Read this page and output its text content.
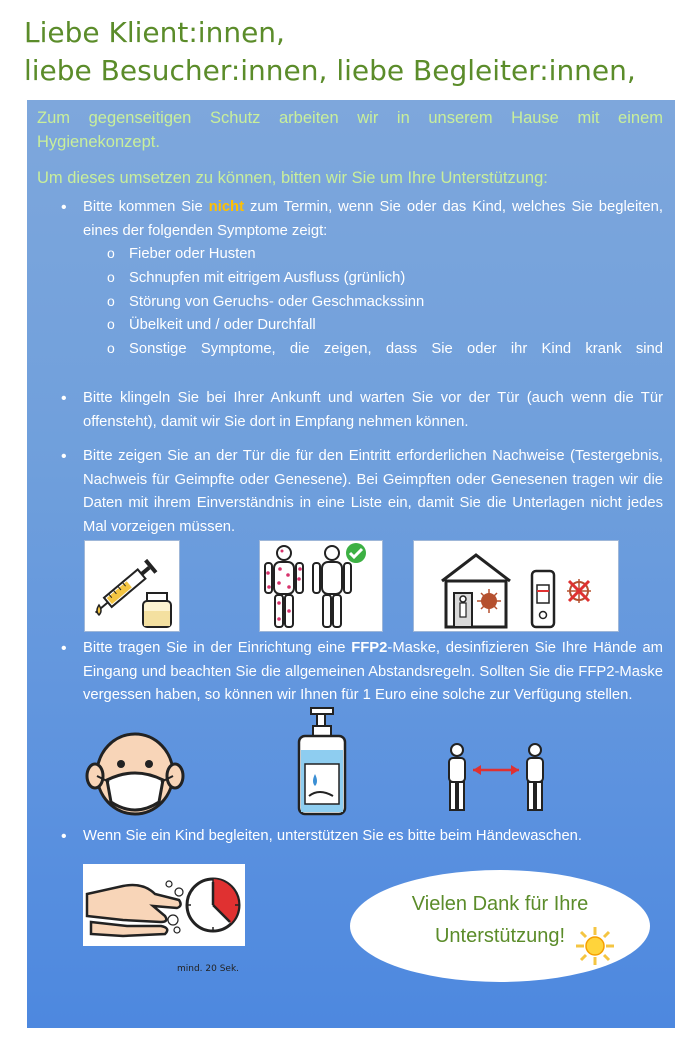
Liebe Klient:innen,
liebe Besucher:innen, liebe Begleiter:innen,
Zum gegenseitigen Schutz arbeiten wir in unserem Hause mit einem Hygienekonzept.
Um dieses umsetzen zu können, bitten wir Sie um Ihre Unterstützung:
• Bitte kommen Sie nicht zum Termin, wenn Sie oder das Kind, welches Sie begleiten, eines der folgenden Symptome zeigt:
o Fieber oder Husten
o Schnupfen mit eitrigem Ausfluss (grünlich)
o Störung von Geruchs- oder Geschmackssinn
o Übelkeit und / oder Durchfall
o Sonstige Symptome, die zeigen, dass Sie oder ihr Kind krank sind
• Bitte klingeln Sie bei Ihrer Ankunft und warten Sie vor der Tür (auch wenn die Tür offensteht), damit wir Sie dort in Empfang nehmen können.
• Bitte zeigen Sie an der Tür die für den Eintritt erforderlichen Nachweise (Testergebnis, Nachweis für Geimpfte oder Genesene). Bei Geimpften oder Genesenen tragen wir die Daten mit ihrem Einverständnis in eine Liste ein, damit Sie die Unterlagen nicht jedes Mal vorzeigen müssen.
• Bitte tragen Sie in der Einrichtung eine FFP2-Maske, desinfizieren Sie Ihre Hände am Eingang und beachten Sie die allgemeinen Abstandsregeln. Sollten Sie die FFP2-Maske vergessen haben, so können wir Ihnen für 1 Euro eine solche zur Verfügung stellen.
• Wenn Sie ein Kind begleiten, unterstützen Sie es bitte beim Händewaschen.
mind. 20 Sek.
Vielen Dank für Ihre
Unterstützung!
